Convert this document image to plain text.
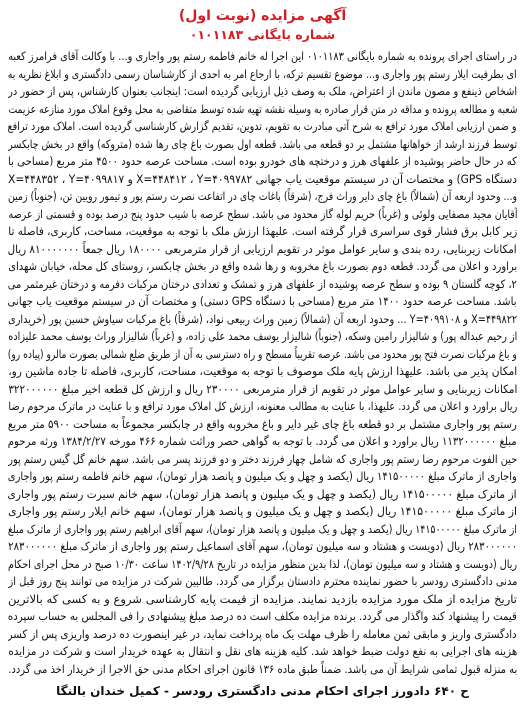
آگهی مزایده (نوبت اول)
شماره بایگانی ۰۱۰۱۱۸۳
در راستای اجرای پرونده به شماره بایگانی ۰۱۰۱۱۸۳ این اجرا له خانم فاطمه رستم پور واجاری و... با وکالت آقای فرامرز کعبه
ای بطرفیت ایلار رستم پور واجاری و... موضوع تقسیم ترکه، با ارجاع امر به احدی از کارشناسان رسمی دادگستری و ابلاغ نظریه به
اشخاص ذینفع و مصون ماندن از اعتراض، ملک به وصف ذیل ارزیابی گردیده است: اینجانب بعنوان کارشناس، پس از حضور در
شعبه و مطالعه پرونده و مداقه در متن قرار صادره به وسیله نقشه تهیه شده توسط متقاضی به محل وقوع املاک مورد منازعه عزیمت
و ضمن ارزیابی املاک مورد ترافع به شرح آتی مبادرت به تقویم، تدوین، تقدیم گزارش کارشناسی گردیده است. املاک مورد ترافع
توسط فرزند ارشد از خواهانها مشتمل بر دو قطعه می باشد. قطعه اول بصورت باغ چای رها شده (متروکه) واقع در بخش چابکسر
که در حال حاضر پوشیده از علفهای هرز و درختچه های خودرو بوده است. مساحت عرصه حدود ۴۵۰۰ متر مربع (مساحی با
دستگاه GPS) و مختصات آن در سیستم موقعیت یاب جهانی X=۴۴۸۴۱۲ ، Y=۴۰۹۹۷۸۲ و X=۴۴۸۳۵۲ ، Y=۴۰۹۹۸۱۷
و... وحدود اربعه آن (شمالاً) باغ چای دایر وراث فرج، (شرقاً) باغات چای در اتفاعت نصرت رستم پور و تیمور رویین تن، (جنوباً) زمین
آقایان مجید مصفایی ولوئی و (غرباً) حریم لوله گاز محدود می باشد. سطح عرصه با شیب حدود پنج درصد بوده و قسمتی از عرصه
زیر کابل برق فشار قوی سراسری قرار گرفته است. علیهذا ارزش ملک با توجه به موقعیت، مساحت، کاربری، فاصله تا
امکانات زیربنایی، رده بندی و سایر عوامل موثر در تقویم ارزیابی از قرار مترمربعی ۱۸۰۰۰۰ ریال جمعاً ۸۱۰۰۰۰۰۰۰ ریال
براورد و اعلان می گردد. قطعه دوم بصورت باغ مخروبه و رها شده واقع در بخش چابکسر، روستای کل محله، خیابان شهدای
۲، کوچه گلستان ۹ بوده و سطح عرصه پوشیده از علفهای هرز و تمشک و تعدادی درختان مرکبات دفرمه و درختان غیرمثمر می
باشد. مساحت عرصه حدود ۱۴۰۰ متر مربع (مساحی با دستگاه GPS دستی) و مختصات آن در سیستم موقعیت یاب جهانی
X=۴۴۹۸۲۲ و Y=۴۰۹۹۱۰۸ ... وحدود اربعه آن (شمالاً) زمین وراث ربیعی نواد، (شرقاً) باغ مرکبات سیاوش حسین پور (خریداری
از رحیم عبداله پور) و شالیزار رامین وسکه، (جنوباً) شالیزار یوسف محمد علی زاده، و (غرباً) شالیزار وراث یوسف محمد علیزاده
و باغ مرکبات نصرت فتح پور محدود می باشد. عرصه تقریباً مسطح و راه دسترسی به آن از طریق ضلع شمالی بصورت مالرو (پیاده رو)
امکان پذیر می باشد. علیهذا ارزش پایه ملک موصوف با توجه به موقعیت، مساحت، کاربری، فاصله تا جاده ماشین رو،
امکانات زیربنایی و سایر عوامل موثر در تقویم از قرار مترمربعی ۲۳۰۰۰۰ ریال و ارزش کل قطعه اخیر مبلغ ۳۲۲۰۰۰۰۰۰
ریال براورد و اعلان می گردد. علیهذا، با عنایت به مطالب معنونه، ارزش کل املاک مورد ترافع و با عنایت در ماترک مرحوم رضا
رستم پور واجاری مشتمل بر دو قطعه باغ چای غیر دایر و باغ مخروبه واقع در چابکسر مجموعاً به مساحت ۵۹۰۰ متر مربع
مبلغ ۱۱۳۲۰۰۰۰۰۰ ریال براورد و اعلان می گردد. با توجه به گواهی حصر وراثت شماره ۴۶۶ مورخه ۱۳۸۴/۲/۲۷ ورثه مرحوم
حین الفوت مرحوم رضا رستم پور واجاری که شامل چهار فرزند دختر و دو فرزند پسر می باشد. سهم خانم گل گیس رستم پور
واجاری از ماترک مبلغ ۱۴۱۵۰۰۰۰۰ ریال (یکصد و چهل و یک میلیون و پانصد هزار تومان)، سهم خانم فاطمه رستم پور واجاری
از ماترک مبلغ ۱۴۱۵۰۰۰۰۰ ریال (یکصد و چهل و یک میلیون و پانصد هزار تومان)، سهم خانم سیرت رستم پور واجاری
از ماترک مبلغ ۱۴۱۵۰۰۰۰۰ ریال (یکصد و چهل و یک میلیون و پانصد هزار تومان)، سهم خانم ایلار رستم پور واجاری
از ماترک مبلغ ۱۴۱۵۰۰۰۰۰ ریال (یکصد و چهل و یک میلیون و پانصد هزار تومان)، سهم آقای ابراهیم رستم پور واجاری از ماترک مبلغ
۲۸۳۰۰۰۰۰۰ ریال (دویست و هشتاد و سه میلیون تومان)، سهم آقای اسماعیل رستم پور واجاری از ماترک مبلغ ۲۸۳۰۰۰۰۰۰
ریال (دویست و هشتاد و سه میلیون تومان)، لذا بدین منظور مزایده در تاریخ ۱۴۰۲/۹/۲۸ ساعت ۱۰/۳۰ صبح در محل اجرای احکام
مدنی دادگستری رودسر با حضور نماینده محترم دادستان برگزار می گردد. طالبین شرکت در مزایده می توانند پنج روز قبل از
تاریخ مزایده از ملک مورد مزایده بازدید نمایند. مزایده از قیمت پایه کارشناسی شروع و به کسی که بالاترین
قیمت را پیشنهاد کند واگذار می گردد. برنده مزایده مکلف است ده درصد مبلغ پیشنهادی را فی المجلس به حساب سپرده
دادگستری واریز و مابقی ثمن معامله را ظرف مهلت یک ماه پرداخت نماید، در غیر اینصورت ده درصد واریزی پس از کسر
هزینه های اجرایی به نفع دولت ضبط خواهد شد. کلیه هزینه های نقل و انتقال به عهده خریدار است و شرکت در مزایده
به منزله قبول تمامی شرایط آن می باشد. ضمناً طبق ماده ۱۳۶ قانون اجرای احکام مدنی حق الاجرا از خریدار اخذ می گردد.
ح ۶۴۰ دادورز اجرای احکام مدنی دادگستری رودسر - کمیل خندان بالنگا
